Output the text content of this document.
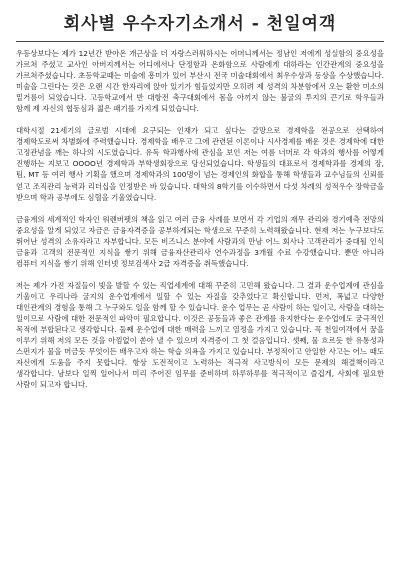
회사별 우수자기소개서 - 천일여객

우등상보다는 제가 12년간 받아온 개근상을 더 자랑스러워하시는 어머니께서는 정남인 저에게 성실함의 중요성을 가르쳐 주셨고 교사인 아버지께서는 어디에서나 단정함과 온화함으로 사람에게 대하라는 인간관계의 중요성을 가르쳐주셨습니다. 초등학교때는 미술에 흥미가 있어 부산시 전국 미술대회에서 최우수상과 동상을 수상했습니다. 미술을 그린다는 것은 오랜 시간 한자리에 앉아 있기가 힘들었지만 오히려 제 성격의 차분함에서 오는 환한 미소의 밑거름이 되었습니다. 고등학교에서 반 대항전 축구대회에서 몸을 아끼지 않는 불굴의 투지의 끈기로 학우들과 함께 제 자신의 협동심과 젊은 패기를 가지게 되었습니다.

대학시절 21세기의 글로벌 시대에 요구되는 인재가 되고 싶다는 갈망으로 경제학을 전공으로 선택하여 경제학도로써 차별화에 주력했습니다. 경제학을 배우고 그에 관련된 이론이나 시사경제를 배운 것은 경제학에 대한 고정관념을 깨는 하나의 시도였습니다. 유독 학과행사에 관심을 보인 저는 여름 너머로 각 학과의 행사를 어떻게 진행하는 지보고 OOOO년 경제학과 부학생회장으로 당선되었습니다. 학생들의 대표로서 경제학과를 경제의 장, 팀, MT 등 여러 행사 기획을 했으며 경제학과의 100명이 넘는 경제인의 화합을 통해 학생들과 교수님들의 신뢰를 얻고 조직관리 능력과 리더십을 인정받은 바 있습니다. 대학의 8학기를 이수하면서 다섯 차례의 성적우수 장학금을 받으며 학과 공부에도 심혈을 기울였습니다.

금융계의 세계적인 학자인 워렌버펫의 책을 읽고 여러 금융 사례를 보면서 각 기업의 재무 관리와 경기예측 전망의 중요성을 알게 되었고 자금은 금융자격증을 공부하게되는 학생으로 꾸준히 노력해왔습니다. 현재 저는 누구보다도 뛰어난 성격의 소유자라고 자부합니다. 모든 비즈니스 분야에 사람과의 만남 어느 회사나 고객관리가 중대될 인식 금융과 고객의 전문적인 지식을 쌓기 위해 금융자산관리사 연수과정을 3개월 수료 수강했습니다. 뿐만 아니라 컴퓨터 지식을 쌓기 위해 인터넷 정보검색사 2급 자격증을 취득했습니다.

저는 제가 가진 자질들이 빛을 발할 수 있는 직업세계에 대해 꾸준히 고민해 왔습니다. 그 결과 운수업계에 관심을 기울이고 우리나라 굴지의 운수업계에서 일할 수 있는 자질을 갖추었다고 확신합니다. 먼저, 폭넓고 다양한 대인관계의 경험을 통해 그 누구와도 일을 함께 할 수 있습니다. 운수 업무는 곧 사람이 하는 일이고, 사람을 대하는 일이므로 사람에 대한 전문적인 파악이 필요합니다. 이것은 공동들과 좋은 관계를 유지한다는 운수업에도 궁극적인 목적에 부합된다고 생각합니다. 둘째 운수업에 대한 매력을 느끼고 열정을 가지고 있습니다. 꼭 천일여객에서 꿈을 이루기 위해 저의 모든 것을 아낌없이 쏟아 낼 수 있으며 자격증이 그 첫 걸음입니다. 셋째, 물 흐르듯 한 유통성과 스펀지가 물을 머금듯 무엇이든 배우고자 하는 학습 의욕을 가지고 있습니다. 부정적이고 안일한 사고는 어느 때도 자신에게 도움을 주지 못합니다. 항상 도전적이고 노력하는 적극적 사고방식이 모든 문제의 해결책이라고 생각합니다. 남보다 일찍 일어나서 미리 주어진 임무를 준비하며 하루하루를 적극적이고 즐겁게, 사회에 필요한 사람이 되고자 합니다.
